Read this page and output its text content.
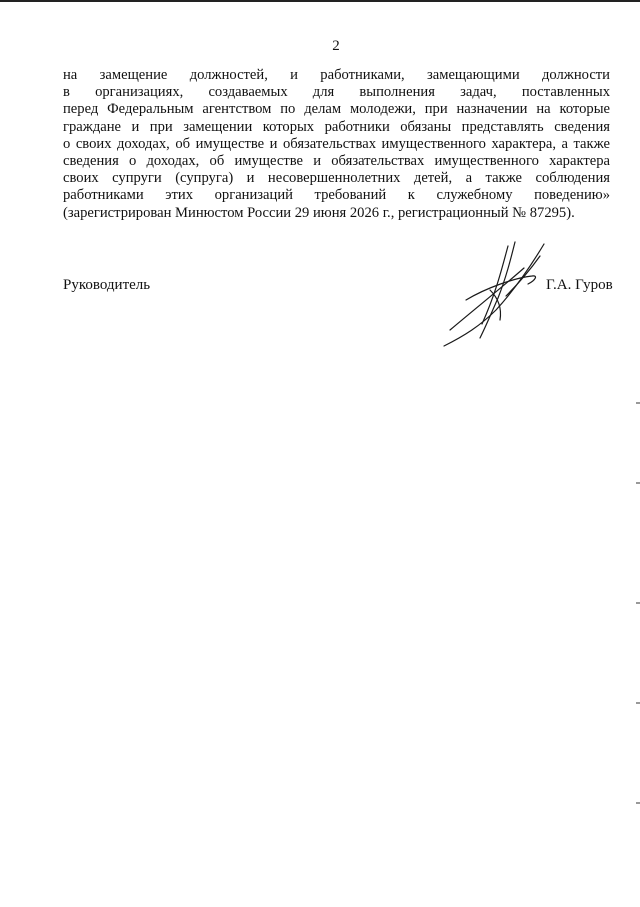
2
на замещение должностей, и работниками, замещающими должности
в организациях, создаваемых для выполнения задач, поставленных
перед Федеральным агентством по делам молодежи, при назначении на которые
граждане и при замещении которых работники обязаны представлять сведения
о своих доходах, об имуществе и обязательствах имущественного характера, а также
сведения о доходах, об имуществе и обязательствах имущественного характера
своих супруги (супруга) и несовершеннолетних детей, а также соблюдения
работниками этих организаций требований к служебному поведению»
(зарегистрирован Минюстом России 29 июня 2026 г., регистрационный № 87295).
Руководитель	Г.А. Гуров
